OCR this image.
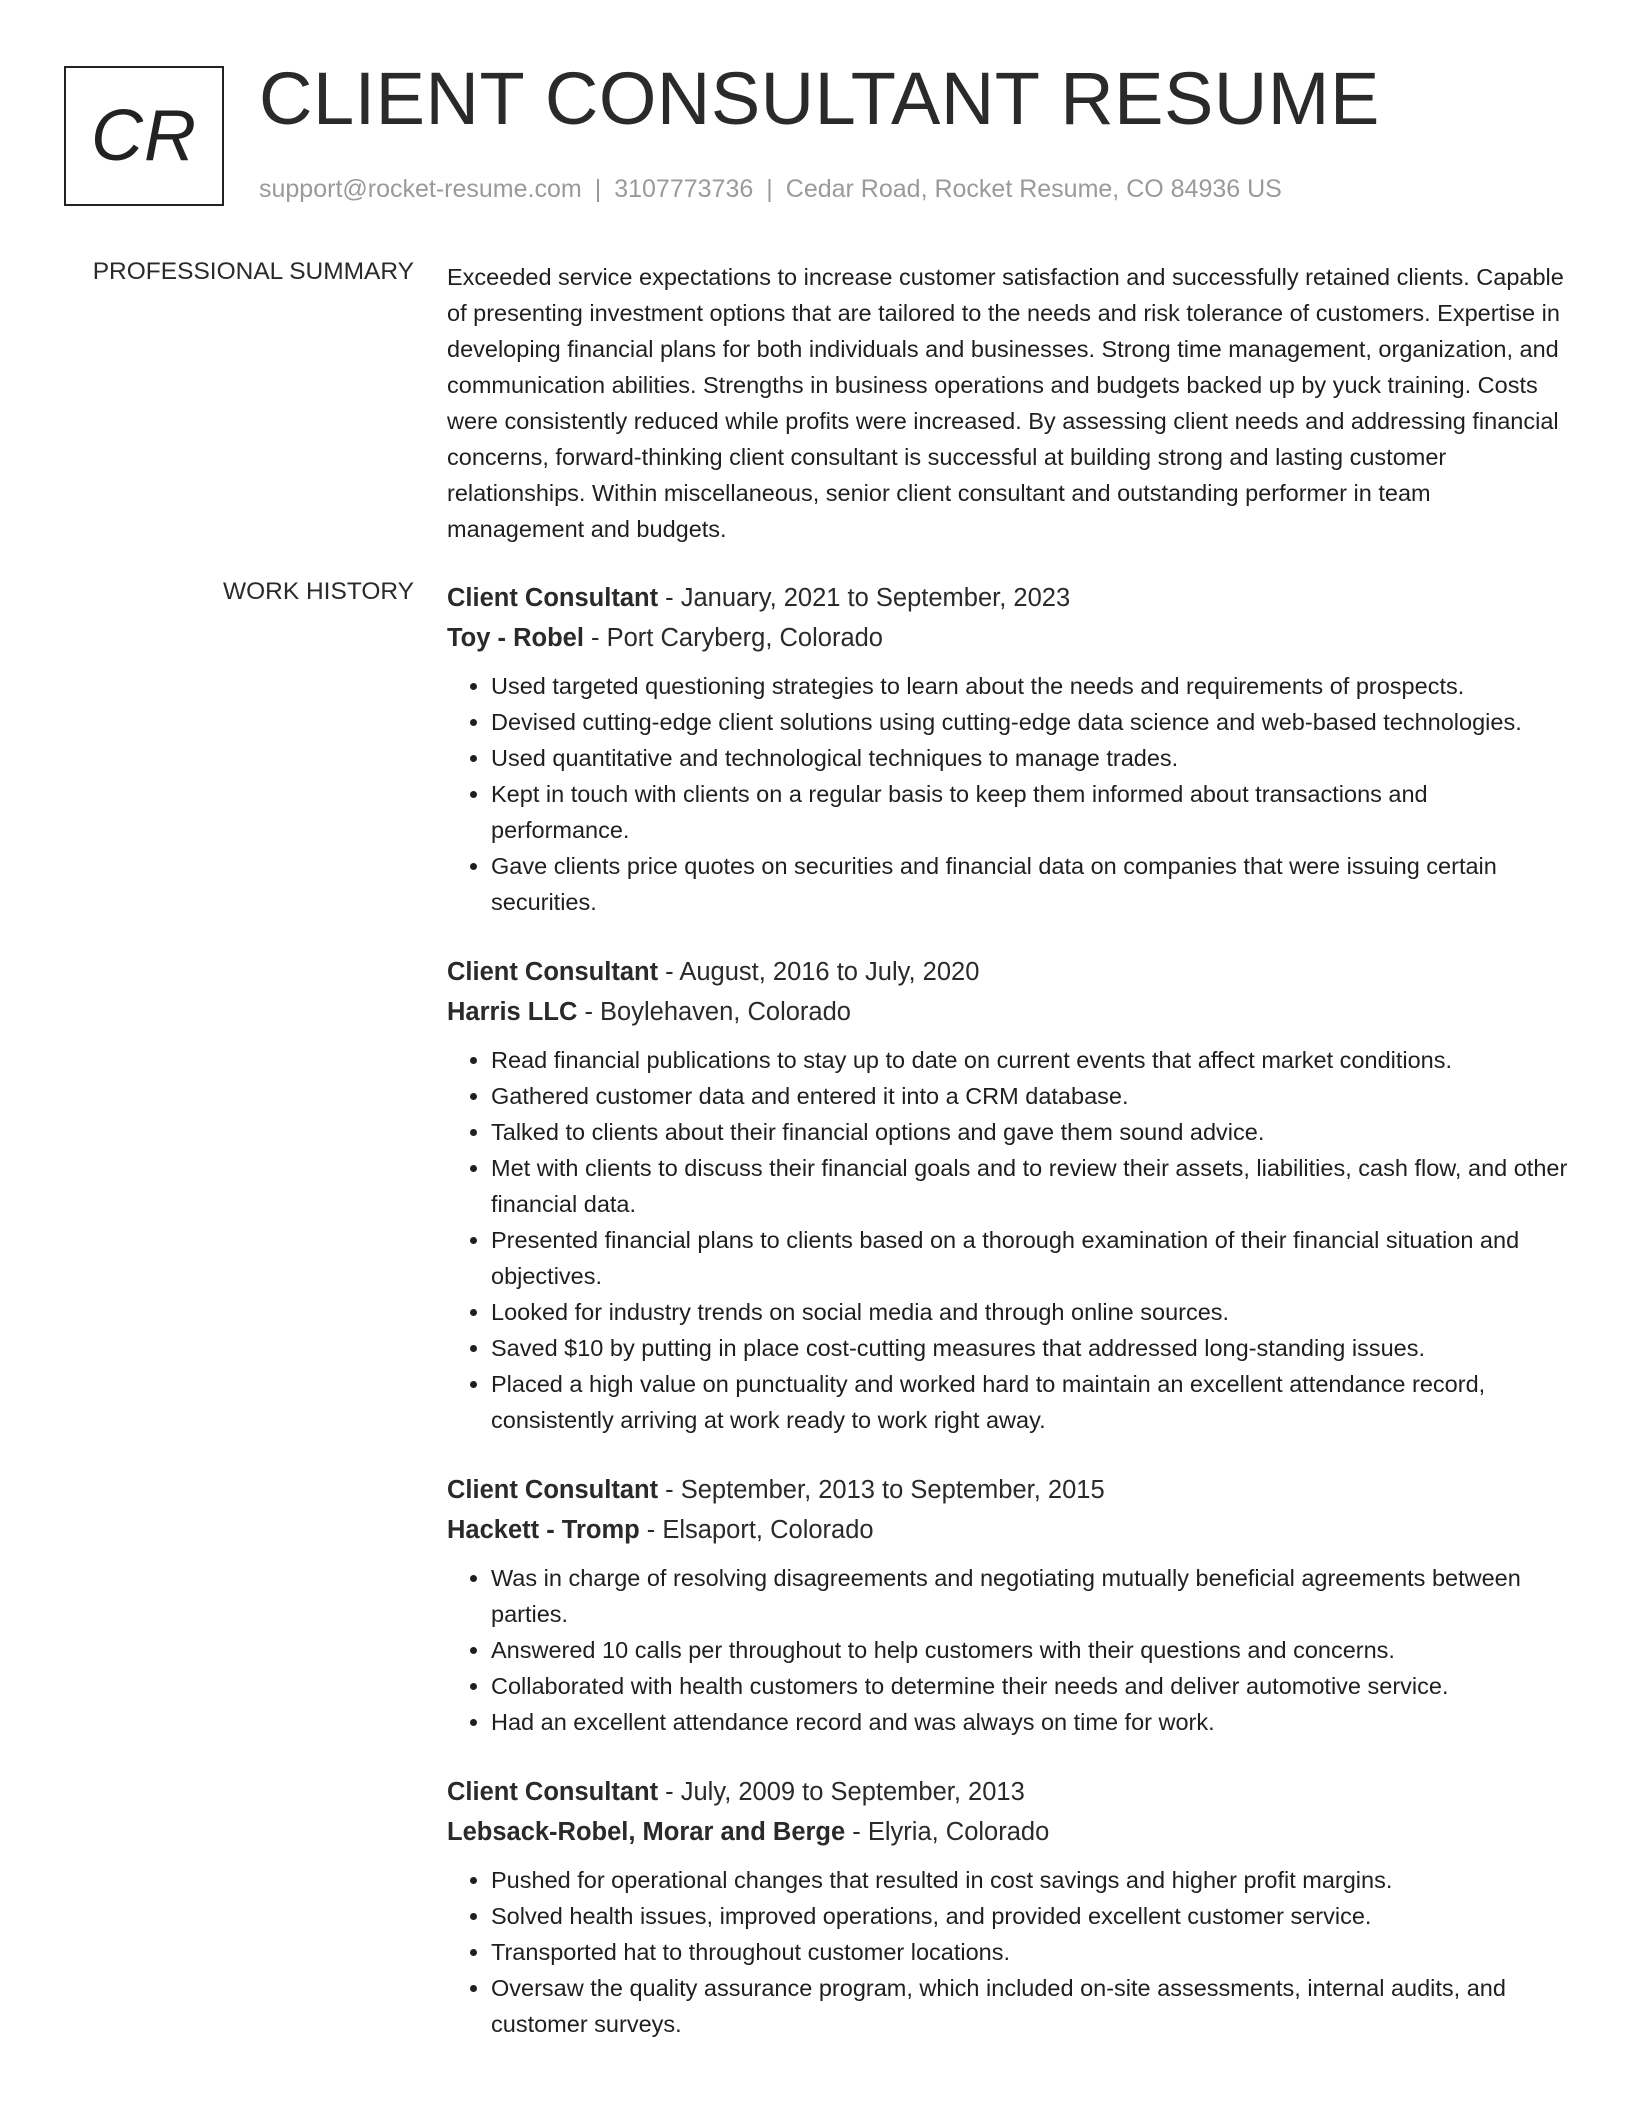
CR CLIENT CONSULTANT RESUME
support@rocket-resume.com | 3107773736 | Cedar Road, Rocket Resume, CO 84936 US
PROFESSIONAL SUMMARY Exceeded service expectations to increase customer satisfaction and successfully retained clients. Capable of presenting investment options that are tailored to the needs and risk tolerance of customers. Expertise in developing financial plans for both individuals and businesses. Strong time management, organization, and communication abilities. Strengths in business operations and budgets backed up by yuck training. Costs were consistently reduced while profits were increased. By assessing client needs and addressing financial concerns, forward-thinking client consultant is successful at building strong and lasting customer relationships. Within miscellaneous, senior client consultant and outstanding performer in team management and budgets.

WORK HISTORY Client Consultant - January, 2021 to September, 2023
Toy - Robel - Port Caryberg, Colorado
• Used targeted questioning strategies to learn about the needs and requirements of prospects.
• Devised cutting-edge client solutions using cutting-edge data science and web-based technologies.
• Used quantitative and technological techniques to manage trades.
• Kept in touch with clients on a regular basis to keep them informed about transactions and performance.
• Gave clients price quotes on securities and financial data on companies that were issuing certain securities.
Client Consultant - August, 2016 to July, 2020
Harris LLC - Boylehaven, Colorado
• Read financial publications to stay up to date on current events that affect market conditions.
• Gathered customer data and entered it into a CRM database.
• Talked to clients about their financial options and gave them sound advice.
• Met with clients to discuss their financial goals and to review their assets, liabilities, cash flow, and other financial data.
• Presented financial plans to clients based on a thorough examination of their financial situation and objectives.
• Looked for industry trends on social media and through online sources.
• Saved $10 by putting in place cost-cutting measures that addressed long-standing issues.
• Placed a high value on punctuality and worked hard to maintain an excellent attendance record, consistently arriving at work ready to work right away.
Client Consultant - September, 2013 to September, 2015
Hackett - Tromp - Elsaport, Colorado
• Was in charge of resolving disagreements and negotiating mutually beneficial agreements between parties.
• Answered 10 calls per throughout to help customers with their questions and concerns.
• Collaborated with health customers to determine their needs and deliver automotive service.
• Had an excellent attendance record and was always on time for work.
Client Consultant - July, 2009 to September, 2013
Lebsack-Robel, Morar and Berge - Elyria, Colorado
• Pushed for operational changes that resulted in cost savings and higher profit margins.
• Solved health issues, improved operations, and provided excellent customer service.
• Transported hat to throughout customer locations.
• Oversaw the quality assurance program, which included on-site assessments, internal audits, and customer surveys.
